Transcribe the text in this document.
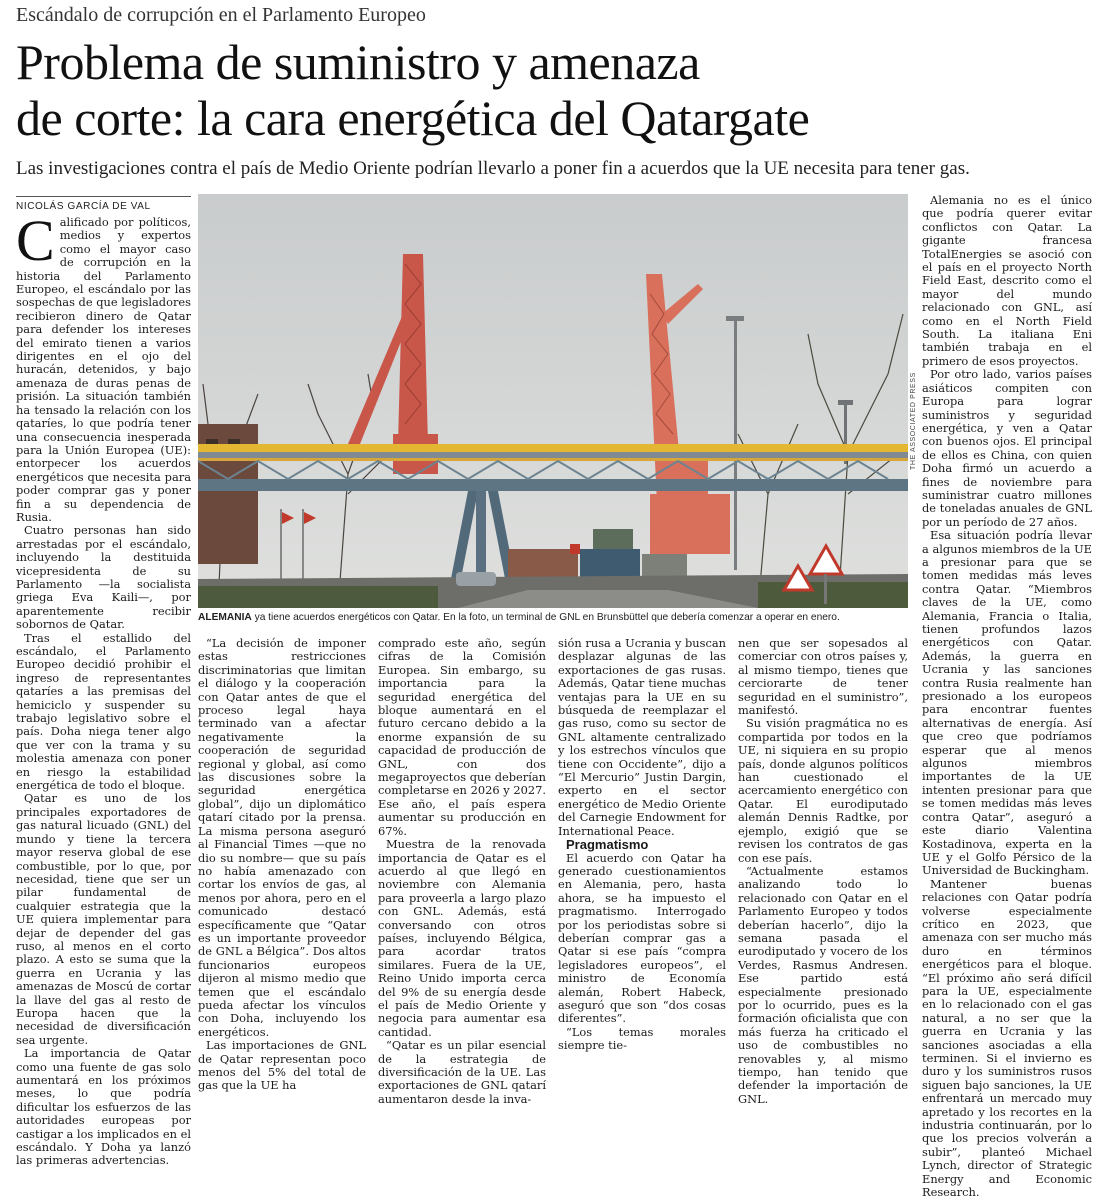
Escándalo de corrupción en el Parlamento Europeo
Problema de suministro y amenaza
de corte: la cara energética del Qatargate
Las investigaciones contra el país de Medio Oriente podrían llevarlo a poner fin a acuerdos que la UE necesita para tener gas.
NICOLÁS GARCÍA DE VAL

Calificado por políticos, medios y expertos como el mayor caso de corrupción en la historia del Parlamento Europeo, el escándalo por las sospechas de que legisladores recibieron dinero de Qatar para defender los intereses del emirato tienen a varios dirigentes en el ojo del huracán, detenidos, y bajo amenaza de duras penas de prisión. La situación también ha tensado la relación con los qataríes, lo que podría tener una consecuencia inesperada para la Unión Europea (UE): entorpecer los acuerdos energéticos que necesita para poder comprar gas y poner fin a su dependencia de Rusia.

Cuatro personas han sido arrestadas por el escándalo, incluyendo la destituida vicepresidenta de su Parlamento —la socialista griega Eva Kaili—, por aparentemente recibir sobornos de Qatar.

Tras el estallido del escándalo, el Parlamento Europeo decidió prohibir el ingreso de representantes qataríes a las premisas del hemiciclo y suspender su trabajo legislativo sobre el país. Doha niega tener algo que ver con la trama y su molestia amenaza con poner en riesgo la estabilidad energética de todo el bloque.

Qatar es uno de los principales exportadores de gas natural licuado (GNL) del mundo y tiene la tercera mayor reserva global de ese combustible, por lo que, por necesidad, tiene que ser un pilar fundamental de cualquier estrategia que la UE quiera implementar para dejar de depender del gas ruso, al menos en el corto plazo. A esto se suma que la guerra en Ucrania y las amenazas de Moscú de cortar la llave del gas al resto de Europa hacen que la necesidad de diversificación sea urgente.

La importancia de Qatar como una fuente de gas solo aumentará en los próximos meses, lo que podría dificultar los esfuerzos de las autoridades europeas por castigar a los implicados en el escándalo. Y Doha ya lanzó las primeras advertencias.

THE ASSOCIATED PRESS
ALEMANIA ya tiene acuerdos energéticos con Qatar. En la foto, un terminal de GNL en Brunsbüttel que debería comenzar a operar en enero.

“La decisión de imponer estas restricciones discriminatorias que limitan el diálogo y la cooperación con Qatar antes de que el proceso legal haya terminado van a afectar negativamente la cooperación de seguridad regional y global, así como las discusiones sobre la seguridad energética global”, dijo un diplomático qatarí citado por la prensa. La misma persona aseguró al Financial Times —que no dio su nombre— que su país no había amenazado con cortar los envíos de gas, al menos por ahora, pero en el comunicado destacó específicamente que “Qatar es un importante proveedor de GNL a Bélgica”. Dos altos funcionarios europeos dijeron al mismo medio que temen que el escándalo pueda afectar los vínculos con Doha, incluyendo los energéticos.

Las importaciones de GNL de Qatar representan poco menos del 5% del total de gas que la UE ha

comprado este año, según cifras de la Comisión Europea. Sin embargo, su importancia para la seguridad energética del bloque aumentará en el futuro cercano debido a la enorme expansión de su capacidad de producción de GNL, con dos megaproyectos que deberían completarse en 2026 y 2027. Ese año, el país espera aumentar su producción en 67%.

Muestra de la renovada importancia de Qatar es el acuerdo al que llegó en noviembre con Alemania para proveerla a largo plazo con GNL. Además, está conversando con otros países, incluyendo Bélgica, para acordar tratos similares. Fuera de la UE, Reino Unido importa cerca del 9% de su energía desde el país de Medio Oriente y negocia para aumentar esa cantidad.

“Qatar es un pilar esencial de la estrategia de diversificación de la UE. Las exportaciones de GNL qatarí aumentaron desde la inva-

sión rusa a Ucrania y buscan desplazar algunas de las exportaciones de gas rusas. Además, Qatar tiene muchas ventajas para la UE en su búsqueda de reemplazar el gas ruso, como su sector de GNL altamente centralizado y los estrechos vínculos que tiene con Occidente”, dijo a “El Mercurio” Justin Dargin, experto en el sector energético de Medio Oriente del Carnegie Endowment for International Peace.

Pragmatismo

El acuerdo con Qatar ha generado cuestionamientos en Alemania, pero, hasta ahora, se ha impuesto el pragmatismo. Interrogado por los periodistas sobre si deberían comprar gas a Qatar si ese país “compra legisladores europeos”, el ministro de Economía alemán, Robert Habeck, aseguró que son “dos cosas diferentes”.

“Los temas morales siempre tie-

nen que ser sopesados al comerciar con otros países y, al mismo tiempo, tienes que cerciorarte de tener seguridad en el suministro”, manifestó.

Su visión pragmática no es compartida por todos en la UE, ni siquiera en su propio país, donde algunos políticos han cuestionado el acercamiento energético con Qatar. El eurodiputado alemán Dennis Radtke, por ejemplo, exigió que se revisen los contratos de gas con ese país.

“Actualmente estamos analizando todo lo relacionado con Qatar en el Parlamento Europeo y todos deberían hacerlo”, dijo la semana pasada el eurodiputado y vocero de los Verdes, Rasmus Andresen. Ese partido está especialmente presionado por lo ocurrido, pues es la formación oficialista que con más fuerza ha criticado el uso de combustibles no renovables y, al mismo tiempo, han tenido que defender la importación de GNL.

Alemania no es el único que podría querer evitar conflictos con Qatar. La gigante francesa TotalEnergies se asoció con el país en el proyecto North Field East, descrito como el mayor del mundo relacionado con GNL, así como en el North Field South. La italiana Eni también trabaja en el primero de esos proyectos.

Por otro lado, varios países asiáticos compiten con Europa para lograr suministros y seguridad energética, y ven a Qatar con buenos ojos. El principal de ellos es China, con quien Doha firmó un acuerdo a fines de noviembre para suministrar cuatro millones de toneladas anuales de GNL por un período de 27 años.

Esa situación podría llevar a algunos miembros de la UE a presionar para que se tomen medidas más leves contra Qatar. “Miembros claves de la UE, como Alemania, Francia o Italia, tienen profundos lazos energéticos con Qatar. Además, la guerra en Ucrania y las sanciones contra Rusia realmente han presionado a los europeos para encontrar fuentes alternativas de energía. Así que creo que podríamos esperar que al menos algunos miembros importantes de la UE intenten presionar para que se tomen medidas más leves contra Qatar”, aseguró a este diario Valentina Kostadinova, experta en la UE y el Golfo Pérsico de la Universidad de Buckingham.

Mantener buenas relaciones con Qatar podría volverse especialmente crítico en 2023, que amenaza con ser mucho más duro en términos energéticos para el bloque. “El próximo año será difícil para la UE, especialmente en lo relacionado con el gas natural, a no ser que la guerra en Ucrania y las sanciones asociadas a ella terminen. Si el invierno es duro y los suministros rusos siguen bajo sanciones, la UE enfrentará un mercado muy apretado y los recortes en la industria continuarán, por lo que los precios volverán a subir”, planteó Michael Lynch, director of Strategic Energy and Economic Research.
